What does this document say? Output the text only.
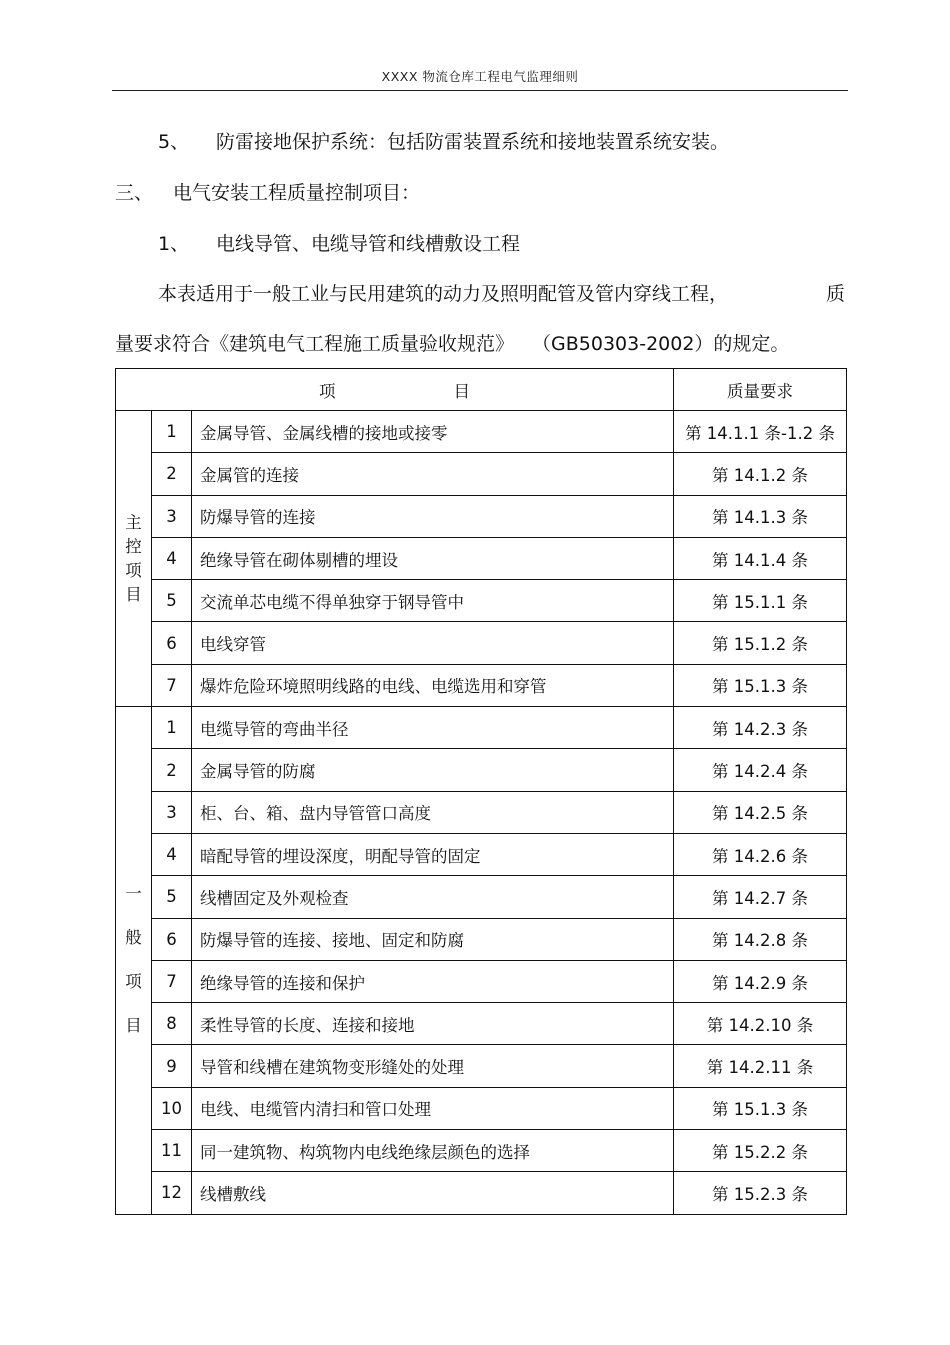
XXXX 物流仓库工程电气监理细则
5、 防雷接地保护系统：包括防雷装置系统和接地装置系统安装。
三、 电气安装工程质量控制项目：
1、 电线导管、电缆导管和线槽敷设工程
本表适用于一般工业与民用建筑的动力及照明配管及管内穿线工程，	质
量要求符合《建筑电气工程施工质量验收规范》 （GB50303-2002）的规定。
项 目			质量要求

主
控
项
目	1	金属导管、金属线槽的接地或接零	第 14.1.1 条-1.2 条
	2	金属管的连接	第 14.1.2 条
	3	防爆导管的连接	第 14.1.3 条
	4	绝缘导管在砌体剔槽的埋设	第 14.1.4 条
	5	交流单芯电缆不得单独穿于钢导管中	第 15.1.1 条
	6	电线穿管	第 15.1.2 条
	7	爆炸危险环境照明线路的电线、电缆选用和穿管	第 15.1.3 条

一
般
项
目	1	电缆导管的弯曲半径	第 14.2.3 条
	2	金属导管的防腐	第 14.2.4 条
	3	柜、台、箱、盘内导管管口高度	第 14.2.5 条
	4	暗配导管的埋设深度，明配导管的固定	第 14.2.6 条
	5	线槽固定及外观检查	第 14.2.7 条
	6	防爆导管的连接、接地、固定和防腐	第 14.2.8 条
	7	绝缘导管的连接和保护	第 14.2.9 条
	8	柔性导管的长度、连接和接地	第 14.2.10 条
	9	导管和线槽在建筑物变形缝处的处理	第 14.2.11 条
	10	电线、电缆管内清扫和管口处理	第 15.1.3 条
	11	同一建筑物、构筑物内电线绝缘层颜色的选择	第 15.2.2 条
	12	线槽敷线	第 15.2.3 条
